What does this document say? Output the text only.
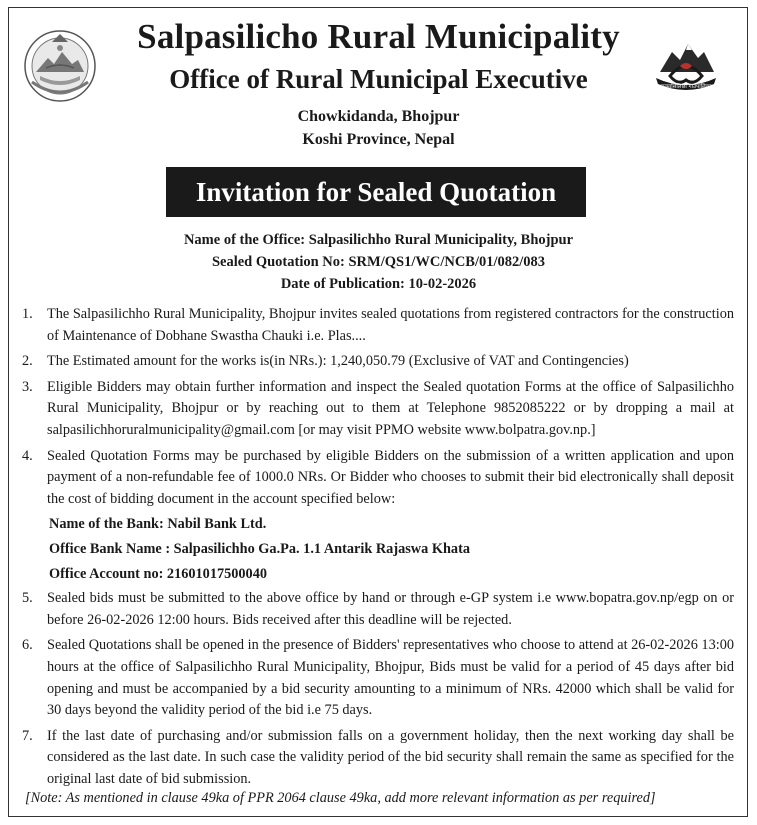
सल्पासिलिछो गाउँपालिका
Salpasilicho Rural Municipality
Office of Rural Municipal Executive
Chowkidanda, Bhojpur
Koshi Province, Nepal
Invitation for Sealed Quotation
Name of the Office: Salpasilichho Rural Municipality, Bhojpur
Sealed Quotation No: SRM/QS1/WC/NCB/01/082/083
Date of Publication: 10-02-2026
1. The Salpasilichho Rural Municipality, Bhojpur invites sealed quotations from registered contractors for the construction of Maintenance of Dobhane Swastha Chauki i.e. Plas....
2. The Estimated amount for the works is(in NRs.): 1,240,050.79 (Exclusive of VAT and Contingencies)
3. Eligible Bidders may obtain further information and inspect the Sealed quotation Forms at the office of Salpasilichho Rural Municipality, Bhojpur or by reaching out to them at Telephone 9852085222 or by dropping a mail at salpasilichhoruralmunicipality@gmail.com [or may visit PPMO website www.bolpatra.gov.np.]
4. Sealed Quotation Forms may be purchased by eligible Bidders on the submission of a written application and upon payment of a non-refundable fee of 1000.0 NRs. Or Bidder who chooses to submit their bid electronically shall deposit the cost of bidding document in the account specified below:
Name of the Bank: Nabil Bank Ltd.
Office Bank Name : Salpasilichho Ga.Pa. 1.1 Antarik Rajaswa Khata
Office Account no: 21601017500040
5. Sealed bids must be submitted to the above office by hand or through e-GP system i.e www.bopatra.gov.np/egp on or before 26-02-2026 12:00 hours. Bids received after this deadline will be rejected.
6. Sealed Quotations shall be opened in the presence of Bidders' representatives who choose to attend at 26-02-2026 13:00 hours at the office of Salpasilichho Rural Municipality, Bhojpur, Bids must be valid for a period of 45 days after bid opening and must be accompanied by a bid security amounting to a minimum of NRs. 42000 which shall be valid for 30 days beyond the validity period of the bid i.e 75 days.
7. If the last date of purchasing and/or submission falls on a government holiday, then the next working day shall be considered as the last date. In such case the validity period of the bid security shall remain the same as specified for the original last date of bid submission.
[Note: As mentioned in clause 49ka of PPR 2064 clause 49ka, add more relevant information as per required]
